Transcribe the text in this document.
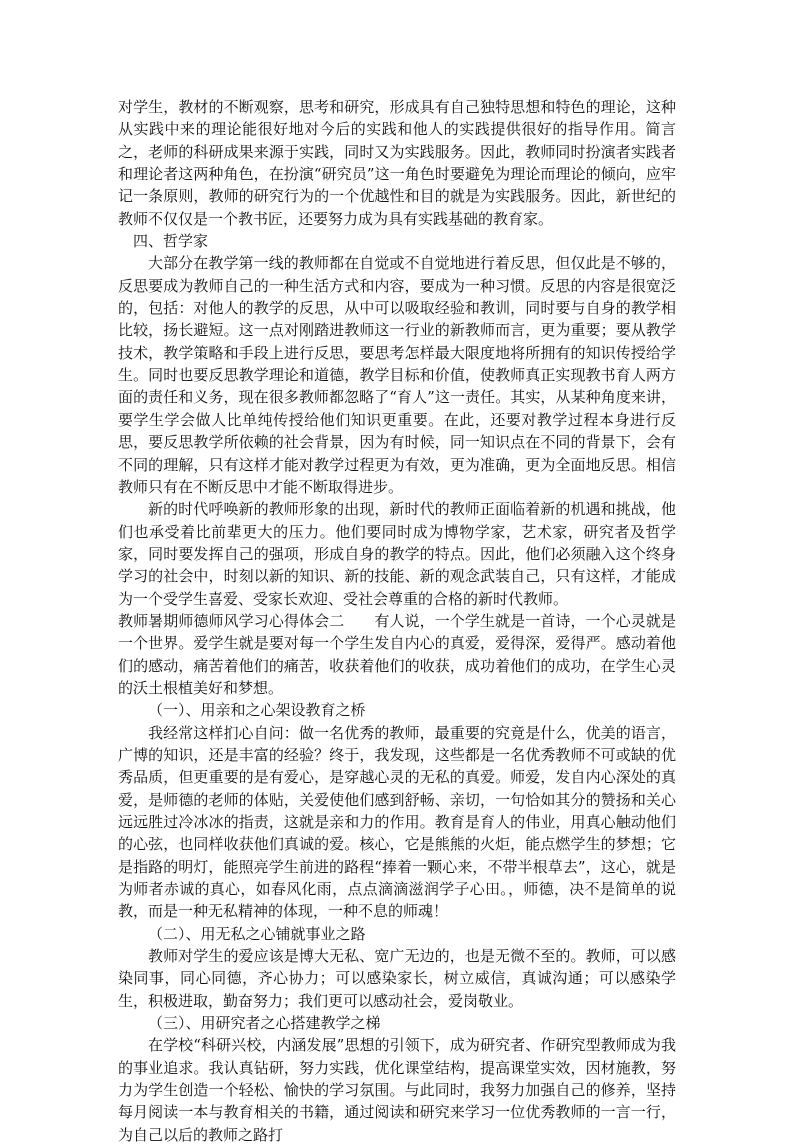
对学生，教材的不断观察，思考和研究，形成具有自己独特思想和特色的理论，这种从实践中来的理论能很好地对今后的实践和他人的实践提供很好的指导作用。简言之，老师的科研成果来源于实践，同时又为实践服务。因此，教师同时扮演者实践者和理论者这两种角色，在扮演“研究员”这一角色时要避免为理论而理论的倾向，应牢记一条原则，教师的研究行为的一个优越性和目的就是为实践服务。因此，新世纪的教师不仅仅是一个教书匠，还要努力成为具有实践基础的教育家。

四、哲学家

大部分在教学第一线的教师都在自觉或不自觉地进行着反思，但仅此是不够的，反思要成为教师自己的一种生活方式和内容，要成为一种习惯。反思的内容是很宽泛的，包括：对他人的教学的反思，从中可以吸取经验和教训，同时要与自身的教学相比较，扬长避短。这一点对刚踏进教师这一行业的新教师而言，更为重要；要从教学技术，教学策略和手段上进行反思，要思考怎样最大限度地将所拥有的知识传授给学生。同时也要反思教学理论和道德，教学目标和价值，使教师真正实现教书育人两方面的责任和义务，现在很多教师都忽略了“育人”这一责任。其实，从某种角度来讲，要学生学会做人比单纯传授给他们知识更重要。在此，还要对教学过程本身进行反思，要反思教学所依赖的社会背景，因为有时候，同一知识点在不同的背景下，会有不同的理解，只有这样才能对教学过程更为有效，更为准确，更为全面地反思。相信教师只有在不断反思中才能不断取得进步。

新的时代呼唤新的教师形象的出现，新时代的教师正面临着新的机遇和挑战，他们也承受着比前辈更大的压力。他们要同时成为博物学家，艺术家，研究者及哲学家，同时要发挥自己的强项，形成自身的教学的特点。因此，他们必须融入这个终身学习的社会中，时刻以新的知识、新的技能、新的观念武装自己，只有这样，才能成为一个受学生喜爱、受家长欢迎、受社会尊重的合格的新时代教师。

教师暑期师德师风学习心得体会二 有人说，一个学生就是一首诗，一个心灵就是一个世界。爱学生就是要对每一个学生发自内心的真爱，爱得深，爱得严。感动着他们的感动，痛苦着他们的痛苦，收获着他们的收获，成功着他们的成功，在学生心灵的沃土根植美好和梦想。

（一）、用亲和之心架设教育之桥

我经常这样扪心自问：做一名优秀的教师，最重要的究竟是什么，优美的语言，广博的知识，还是丰富的经验？终于，我发现，这些都是一名优秀教师不可或缺的优秀品质，但更重要的是有爱心，是穿越心灵的无私的真爱。师爱，发自内心深处的真爱，是师德的老师的体贴，关爱使他们感到舒畅、亲切，一句恰如其分的赞扬和关心远远胜过冷冰冰的指责，这就是亲和力的作用。教育是育人的伟业，用真心触动他们的心弦，也同样收获他们真诚的爱。核心，它是熊熊的火炬，能点燃学生的梦想；它是指路的明灯，能照亮学生前进的路程“捧着一颗心来，不带半根草去”，这心，就是为师者赤诚的真心，如春风化雨，点点滴滴滋润学子心田。，师德，决不是简单的说教，而是一种无私精神的体现，一种不息的师魂！

（二）、用无私之心铺就事业之路

教师对学生的爱应该是博大无私、宽广无边的，也是无微不至的。教师，可以感染同事，同心同德，齐心协力；可以感染家长，树立威信，真诚沟通；可以感染学生，积极进取，勤奋努力；我们更可以感动社会，爱岗敬业。

（三）、用研究者之心搭建教学之梯

在学校“科研兴校，内涵发展”思想的引领下，成为研究者、作研究型教师成为我的事业追求。我认真钻研，努力实践，优化课堂结构，提高课堂实效，因材施教，努力为学生创造一个轻松、愉快的学习氛围。与此同时，我努力加强自己的修养，坚持每月阅读一本与教育相关的书籍，通过阅读和研究来学习一位优秀教师的一言一行，为自己以后的教师之路打
